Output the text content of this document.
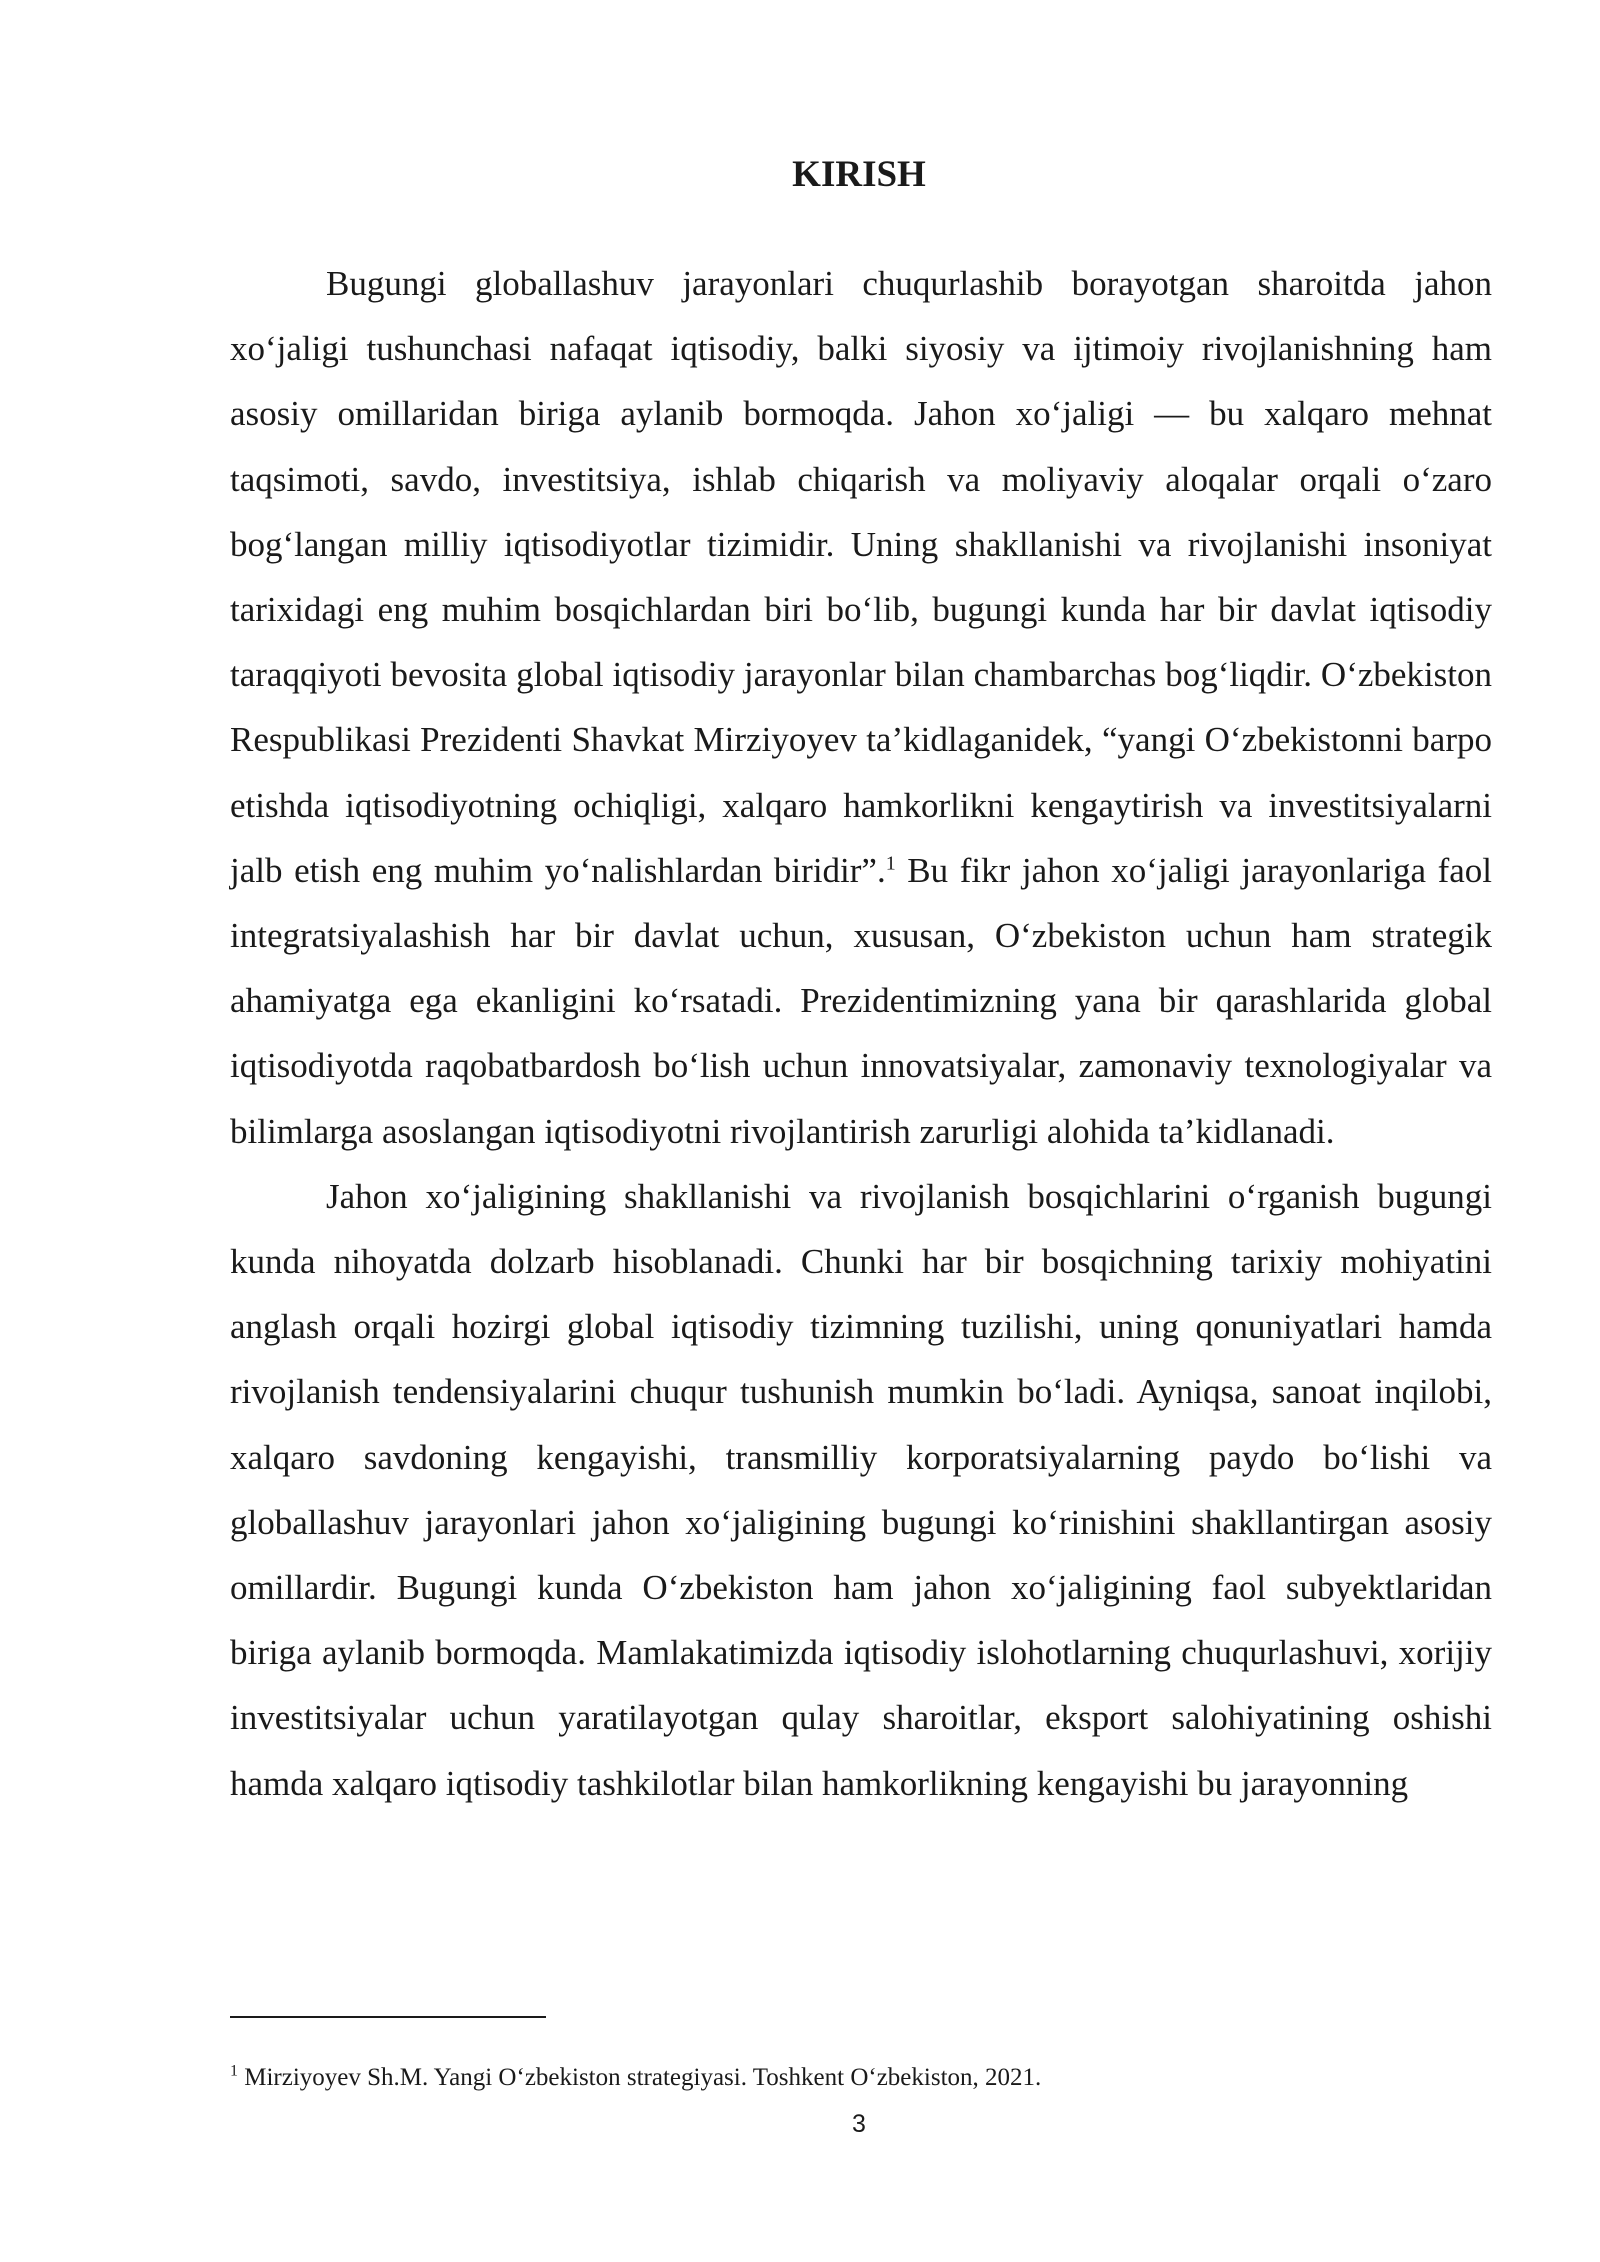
KIRISH

Bugungi globallashuv jarayonlari chuqurlashib borayotgan sharoitda jahon xo‘jaligi tushunchasi nafaqat iqtisodiy, balki siyosiy va ijtimoiy rivojlanishning ham asosiy omillaridan biriga aylanib bormoqda. Jahon xo‘jaligi — bu xalqaro mehnat taqsimoti, savdo, investitsiya, ishlab chiqarish va moliyaviy aloqalar orqali o‘zaro bog‘langan milliy iqtisodiyotlar tizimidir. Uning shakllanishi va rivojlanishi insoniyat tarixidagi eng muhim bosqichlardan biri bo‘lib, bugungi kunda har bir davlat iqtisodiy taraqqiyoti bevosita global iqtisodiy jarayonlar bilan chambarchas bog‘liqdir. O‘zbekiston Respublikasi Prezidenti Shavkat Mirziyoyev ta’kidlaganidek, “yangi O‘zbekistonni barpo etishda iqtisodiyotning ochiqligi, xalqaro hamkorlikni kengaytirish va investitsiyalarni jalb etish eng muhim yo‘nalishlardan biridir”.$^1$ Bu fikr jahon xo‘jaligi jarayonlariga faol integratsiyalashish har bir davlat uchun, xususan, O‘zbekiston uchun ham strategik ahamiyatga ega ekanligini ko‘rsatadi. Prezidentimizning yana bir qarashlarida global iqtisodiyotda raqobatbardosh bo‘lish uchun innovatsiyalar, zamonaviy texnologiyalar va bilimlarga asoslangan iqtisodiyotni rivojlantirish zarurligi alohida ta’kidlanadi.

Jahon xo‘jaligining shakllanishi va rivojlanish bosqichlarini o‘rganish bugungi kunda nihoyatda dolzarb hisoblanadi. Chunki har bir bosqichning tarixiy mohiyatini anglash orqali hozirgi global iqtisodiy tizimning tuzilishi, uning qonuniyatlari hamda rivojlanish tendensiyalarini chuqur tushunish mumkin bo‘ladi. Ayniqsa, sanoat inqilobi, xalqaro savdoning kengayishi, transmilliy korporatsiyalarning paydo bo‘lishi va globallashuv jarayonlari jahon xo‘jaligining bugungi ko‘rinishini shakllantirgan asosiy omillardir. Bugungi kunda O‘zbekiston ham jahon xo‘jaligining faol subyektlaridan biriga aylanib bormoqda. Mamlakatimizda iqtisodiy islohotlarning chuqurlashuvi, xorijiy investitsiyalar uchun yaratilayotgan qulay sharoitlar, eksport salohiyatining oshishi hamda xalqaro iqtisodiy tashkilotlar bilan hamkorlikning kengayishi bu jarayonning

$^1$ Mirziyoyev Sh.M. Yangi O‘zbekiston strategiyasi. Toshkent O‘zbekiston, 2021.

3
